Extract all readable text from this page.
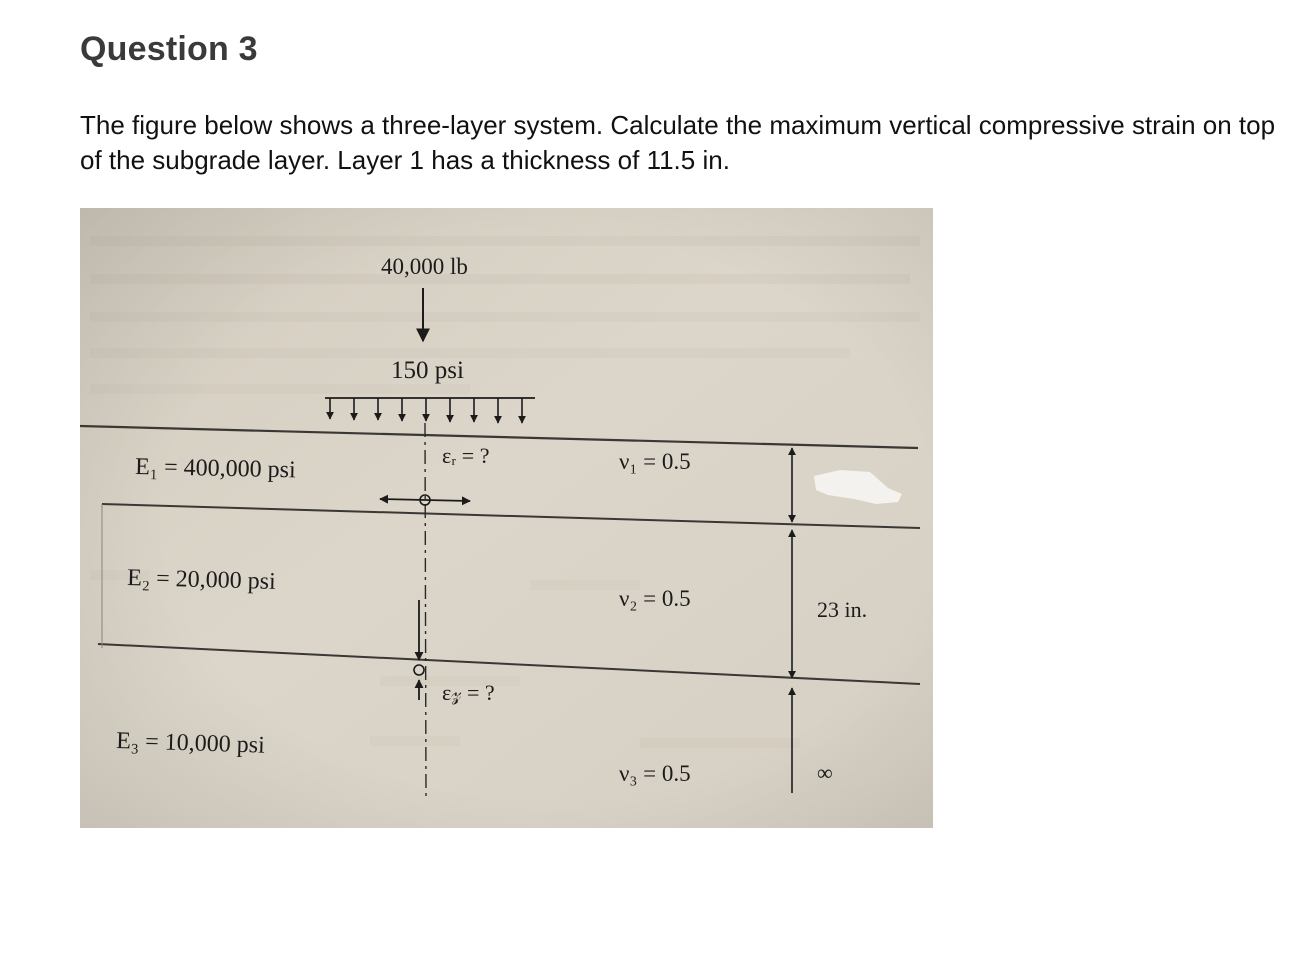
Question 3

The figure below shows a three-layer system. Calculate the maximum vertical compressive strain on top of the subgrade layer. Layer 1 has a thickness of 11.5 in.

40,000 lb
150 psi
E₁ = 400,000 psi
E₂ = 20,000 psi
E₃ = 10,000 psi
ν₁ = 0.5
ν₂ = 0.5
ν₃ = 0.5
εᵣ = ?
ε𝓏 = ?
23 in.
∞
